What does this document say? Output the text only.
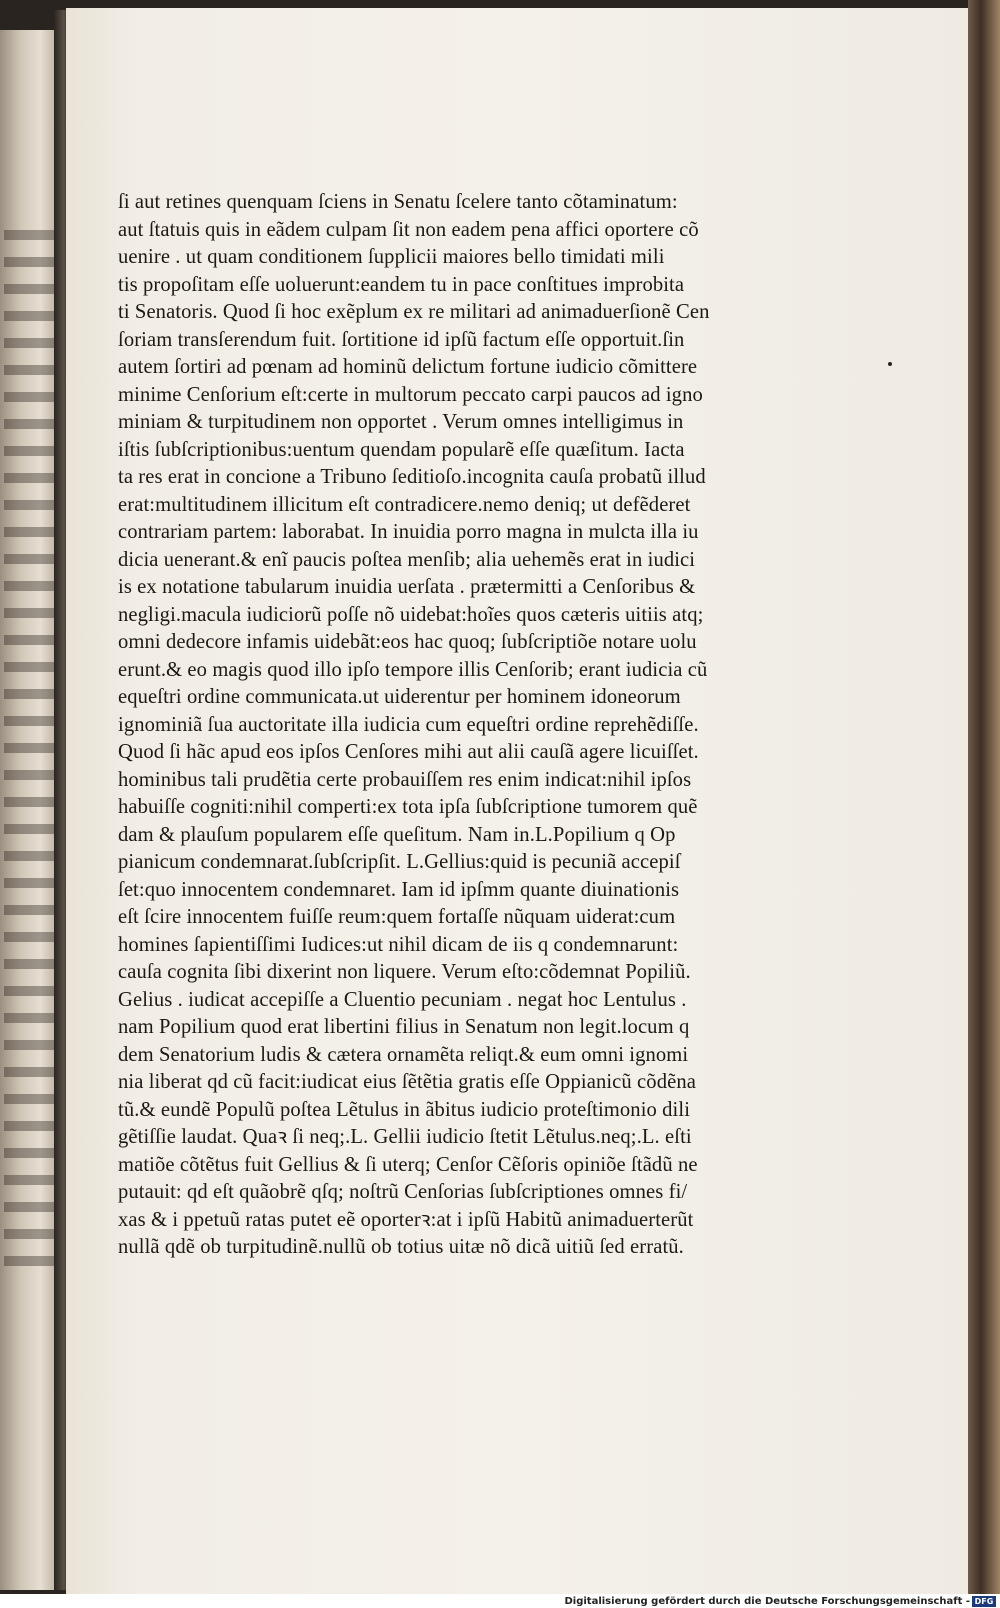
ſi aut retines quenquam ſciens in Senatu ſcelere tanto cõtaminatum:
aut ſtatuis quis in eãdem culpam ſit non eadem pena affici oportere cõ
uenire . ut quam conditionem ſupplicii maiores bello timidati mili
tis propoſitam eſſe uoluerunt:eandem tu in pace conſtitues improbita
ti Senatoris. Quod ſi hoc exẽplum ex re militari ad animaduerſionẽ Cen
ſoriam transſerendum fuit. ſortitione id ipſũ factum eſſe opportuit.ſin
autem ſortiri ad pœnam ad hominũ delictum fortune iudicio cõmittere
minime Cenſorium eſt:certe in multorum peccato carpi paucos ad igno
miniam & turpitudinem non opportet . Verum omnes intelligimus in
iſtis ſubſcriptionibus:uentum quendam popularẽ eſſe quæſitum. Iacta
ta res erat in concione a Tribuno ſeditioſo.incognita cauſa probatũ illud
erat:multitudinem illicitum eſt contradicere.nemo deniq; ut defẽderet
contrariam partem: laborabat. In inuidia porro magna in mulcta illa iu
dicia uenerant.& enĩ paucis poſtea menſib; alia uehemẽs erat in iudici
is ex notatione tabularum inuidia uerſata . prætermitti a Cenſoribus &
negligi.macula iudiciorũ poſſe nõ uidebat:hoĩes quos cæteris uitiis atq;
omni dedecore infamis uidebãt:eos hac quoq; ſubſcriptiõe notare uolu
erunt.& eo magis quod illo ipſo tempore illis Cenſorib; erant iudicia cũ
equeſtri ordine communicata.ut uiderentur per hominem idoneorum
ignominiã ſua auctoritate illa iudicia cum equeſtri ordine reprehẽdiſſe.
Quod ſi hãc apud eos ipſos Cenſores mihi aut alii cauſã agere licuiſſet.
hominibus tali prudẽtia certe probauiſſem res enim indicat:nihil ipſos
habuiſſe cogniti:nihil comperti:ex tota ipſa ſubſcriptione tumorem quẽ
dam & plauſum popularem eſſe queſitum. Nam in.L.Popilium q Op
pianicum condemnarat.ſubſcripſit. L.Gellius:quid is pecuniã accepiſ
ſet:quo innocentem condemnaret. Iam id ipſmm quante diuinationis
eſt ſcire innocentem fuiſſe reum:quem fortaſſe nũquam uiderat:cum
homines ſapientiſſimi Iudices:ut nihil dicam de iis q condemnarunt:
cauſa cognita ſibi dixerint non liquere. Verum eſto:cõdemnat Popiliũ.
Gelius . iudicat accepiſſe a Cluentio pecuniam . negat hoc Lentulus .
nam Popilium quod erat libertini filius in Senatum non legit.locum q
dem Senatorium ludis & cætera ornamẽta reliqt.& eum omni ignomi
nia liberat qd cũ facit:iudicat eius ſẽtẽtia gratis eſſe Oppianicũ cõdẽna
tũ.& eundẽ Populũ poſtea Lẽtulus in ãbitus iudicio proteſtimonio dili
gẽtiſſie laudat. Quaꝛ ſi neq;.L. Gellii iudicio ſtetit Lẽtulus.neq;.L. eſti
matiõe cõtẽtus fuit Gellius & ſi uterq; Cenſor Cẽſoris opiniõe ſtãdũ ne
putauit: qd eſt quãobrẽ qſq; noſtrũ Cenſorias ſubſcriptiones omnes fi/
xas & i ppetuũ ratas putet eẽ oporterꝛ:at i ipſũ Habitũ animaduerterũt
nullã qdẽ ob turpitudinẽ.nullũ ob totius uitæ nõ dicã uitiũ ſed erratũ.
Digitalisierung gefördert durch die Deutsche Forschungsgemeinschaft - DFG
